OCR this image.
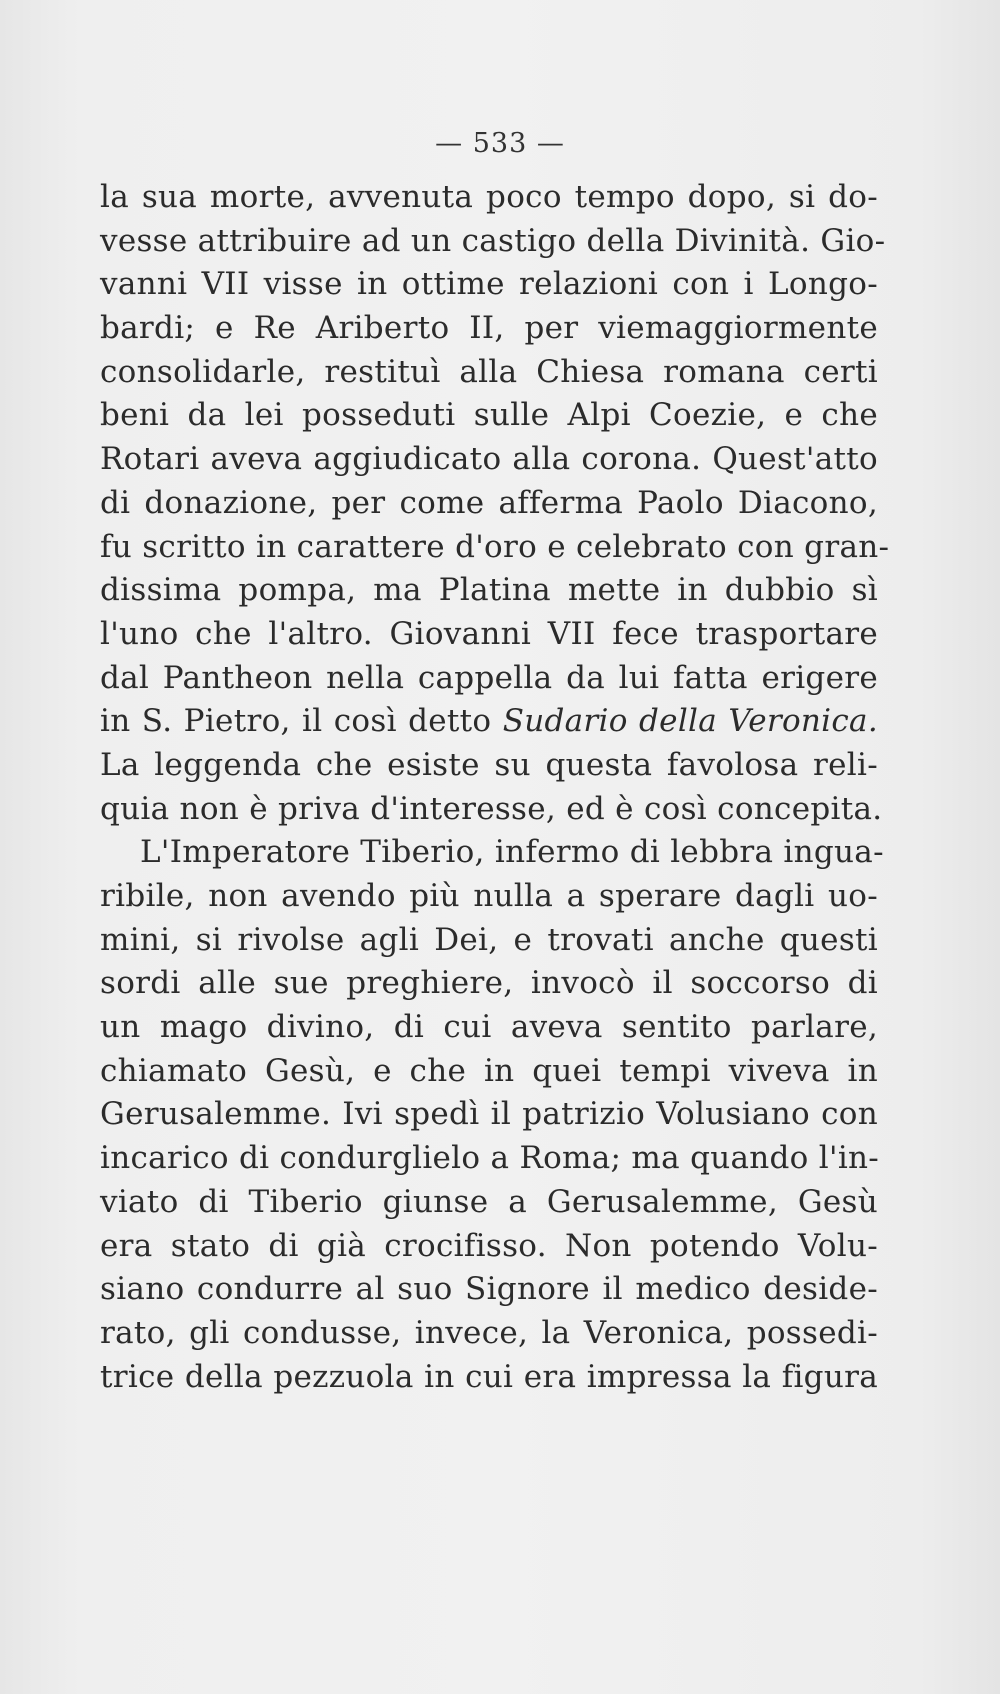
— 533 —
la sua morte, avvenuta poco tempo dopo, si do-
vesse attribuire ad un castigo della Divinità. Gio-
vanni VII visse in ottime relazioni con i Longo-
bardi; e Re Ariberto II, per viemaggiormente
consolidarle, restituì alla Chiesa romana certi
beni da lei posseduti sulle Alpi Coezie, e che
Rotari aveva aggiudicato alla corona. Quest'atto
di donazione, per come afferma Paolo Diacono,
fu scritto in carattere d'oro e celebrato con gran-
dissima pompa, ma Platina mette in dubbio sì
l'uno che l'altro. Giovanni VII fece trasportare
dal Pantheon nella cappella da lui fatta erigere
in S. Pietro, il così detto Sudario della Veronica.
La leggenda che esiste su questa favolosa reli-
quia non è priva d'interesse, ed è così concepita.
L'Imperatore Tiberio, infermo di lebbra ingua-
ribile, non avendo più nulla a sperare dagli uo-
mini, si rivolse agli Dei, e trovati anche questi
sordi alle sue preghiere, invocò il soccorso di
un mago divino, di cui aveva sentito parlare,
chiamato Gesù, e che in quei tempi viveva in
Gerusalemme. Ivi spedì il patrizio Volusiano con
incarico di condurglielo a Roma; ma quando l'in-
viato di Tiberio giunse a Gerusalemme, Gesù
era stato di già crocifisso. Non potendo Volu-
siano condurre al suo Signore il medico deside-
rato, gli condusse, invece, la Veronica, possedi-
trice della pezzuola in cui era impressa la figura
